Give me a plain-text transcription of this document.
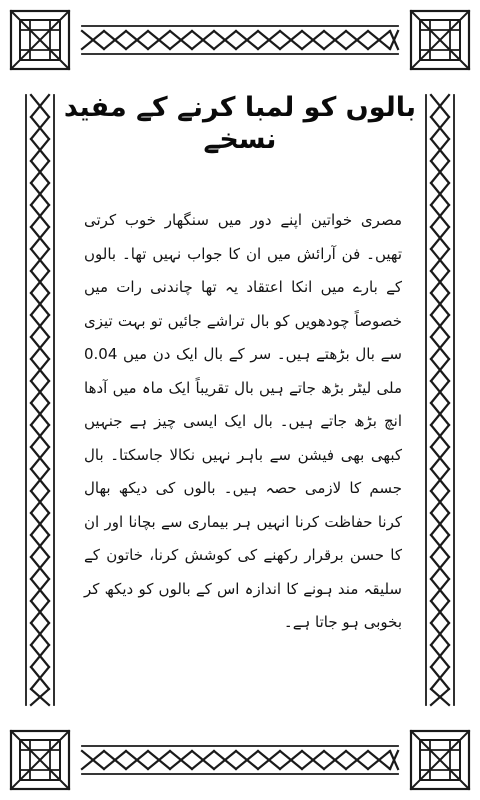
بالوں کو لمبا کرنے کے مفید نسخے

مصری خواتین اپنے دور میں سنگھار خوب کرتی تھیں۔ فن آرائش میں ان کا جواب نہیں تھا۔ بالوں کے بارے میں انکا اعتقاد یہ تھا چاندنی رات میں خصوصاً چودھویں کو بال تراشے جائیں تو بہت تیزی سے بال بڑھتے ہیں۔ سر کے بال ایک دن میں 0.04 ملی لیٹر بڑھ جاتے ہیں بال تقریباً ایک ماہ میں آدھا انچ بڑھ جاتے ہیں۔ بال ایک ایسی چیز ہے جنہیں کبھی بھی فیشن سے باہر نہیں نکالا جاسکتا۔ بال جسم کا لازمی حصہ ہیں۔ بالوں کی دیکھ بھال کرنا حفاظت کرنا انہیں ہر بیماری سے بچانا اور ان کا حسن برقرار رکھنے کی کوشش کرنا، خاتون کے سلیقہ مند ہونے کا اندازہ اس کے بالوں کو دیکھ کر بخوبی ہو جاتا ہے۔
